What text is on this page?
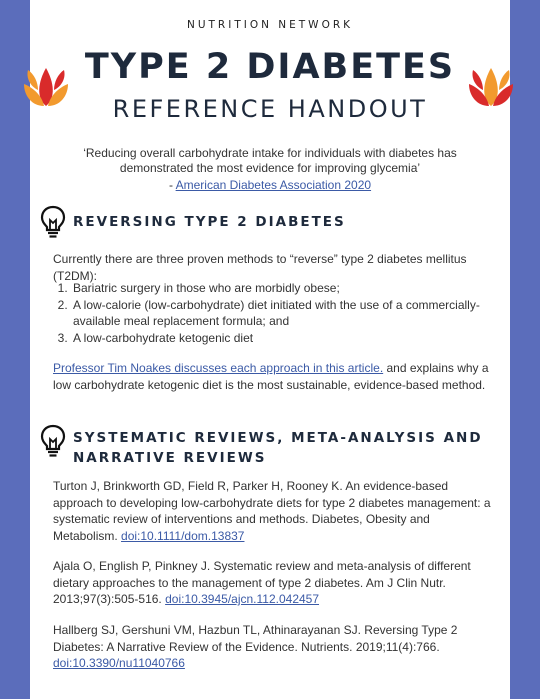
NUTRITION NETWORK
TYPE 2 DIABETES
REFERENCE HANDOUT
‘Reducing overall carbohydrate intake for individuals with diabetes has demonstrated the most evidence for improving glycemia’
- American Diabetes Association 2020
REVERSING TYPE 2 DIABETES
Currently there are three proven methods to “reverse” type 2 diabetes mellitus (T2DM):
1. Bariatric surgery in those who are morbidly obese;
2. A low-calorie (low-carbohydrate) diet initiated with the use of a commercially-available meal replacement formula; and
3. A low-carbohydrate ketogenic diet
Professor Tim Noakes discusses each approach in this article. and explains why a low carbohydrate ketogenic diet is the most sustainable, evidence-based method.
SYSTEMATIC REVIEWS, META-ANALYSIS AND
NARRATIVE REVIEWS
Turton J, Brinkworth GD, Field R, Parker H, Rooney K. An evidence-based approach to developing low-carbohydrate diets for type 2 diabetes management: a systematic review of interventions and methods. Diabetes, Obesity and Metabolism. doi:10.1111/dom.13837
Ajala O, English P, Pinkney J. Systematic review and meta-analysis of different dietary approaches to the management of type 2 diabetes. Am J Clin Nutr. 2013;97(3):505-516. doi:10.3945/ajcn.112.042457
Hallberg SJ, Gershuni VM, Hazbun TL, Athinarayanan SJ. Reversing Type 2 Diabetes: A Narrative Review of the Evidence. Nutrients. 2019;11(4):766. doi:10.3390/nu11040766
